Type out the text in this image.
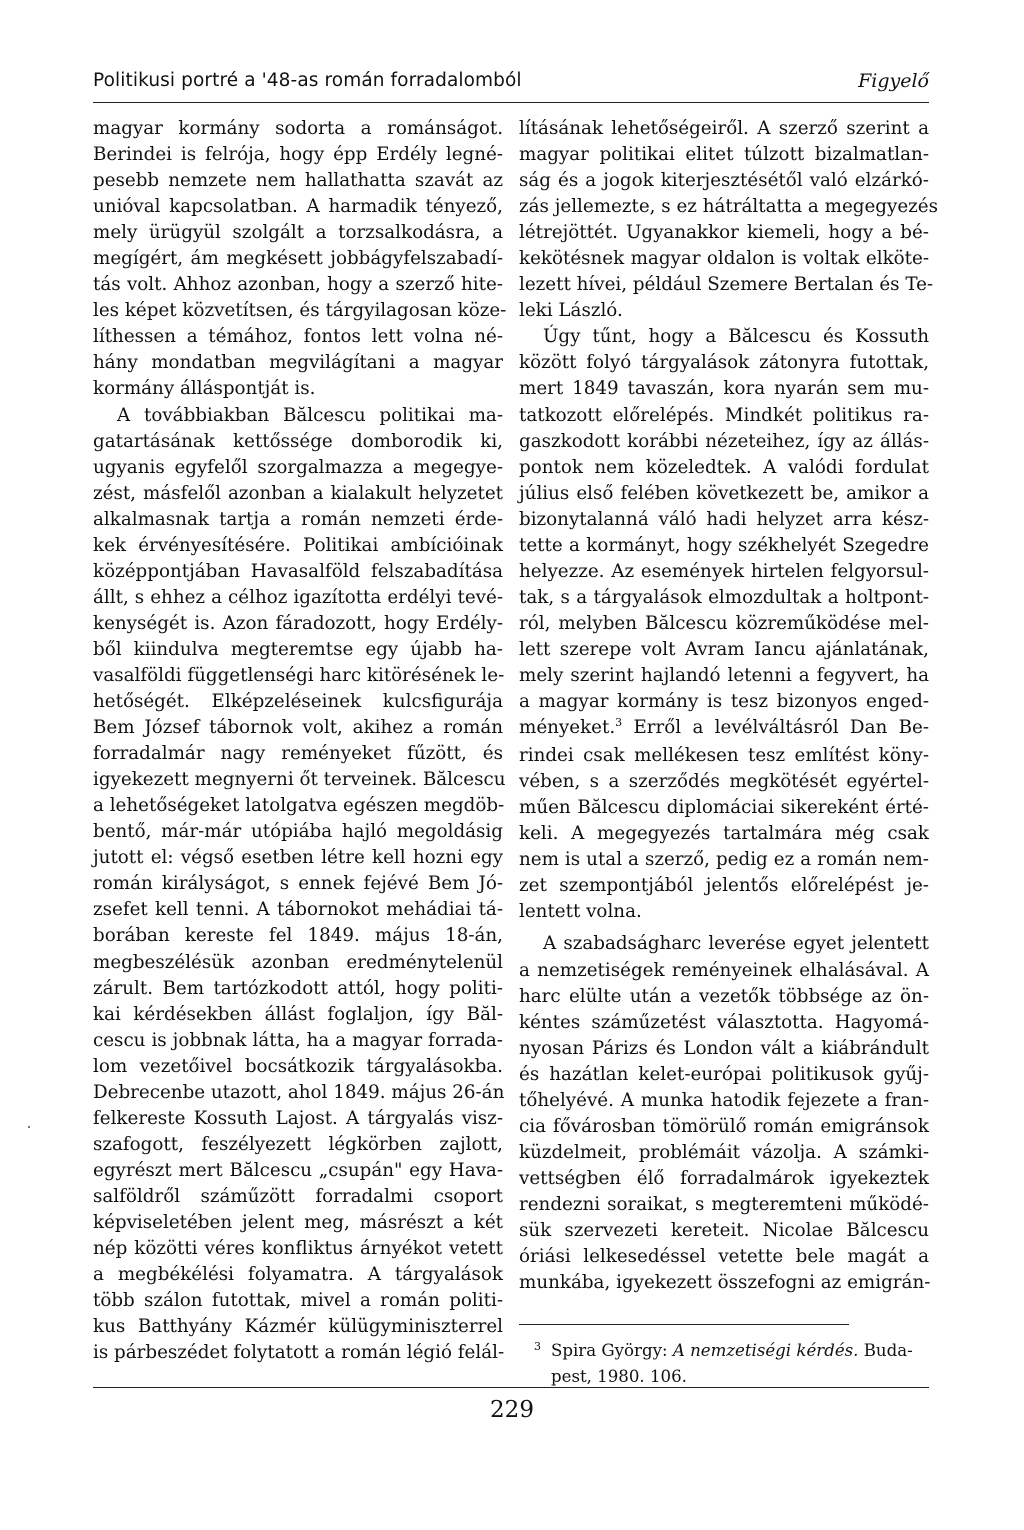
Politikusi portré a '48-as román forradalomból	Figyelő
magyar kormány sodorta a románságot.
Berindei is felrója, hogy épp Erdély legné-
pesebb nemzete nem hallathatta szavát az
unióval kapcsolatban. A harmadik tényező,
mely ürügyül szolgált a torzsalkodásra, a
megígért, ám megkésett jobbágyfelszabadí-
tás volt. Ahhoz azonban, hogy a szerző hite-
les képet közvetítsen, és tárgyilagosan köze-
líthessen a témához, fontos lett volna né-
hány mondatban megvilágítani a magyar
kormány álláspontját is.
A továbbiakban Bălcescu politikai ma-
gatartásának kettőssége domborodik ki,
ugyanis egyfelől szorgalmazza a megegye-
zést, másfelől azonban a kialakult helyzetet
alkalmasnak tartja a román nemzeti érde-
kek érvényesítésére. Politikai ambícióinak
középpontjában Havasalföld felszabadítása
állt, s ehhez a célhoz igazította erdélyi tevé-
kenységét is. Azon fáradozott, hogy Erdély-
ből kiindulva megteremtse egy újabb ha-
vasalföldi függetlenségi harc kitörésének le-
hetőségét. Elképzeléseinek kulcsfigurája
Bem József tábornok volt, akihez a román
forradalmár nagy reményeket fűzött, és
igyekezett megnyerni őt terveinek. Bălcescu
a lehetőségeket latolgatva egészen megdöb-
bentő, már-már utópiába hajló megoldásig
jutott el: végső esetben létre kell hozni egy
román királyságot, s ennek fejévé Bem Jó-
zsefet kell tenni. A tábornokot mehádiai tá-
borában kereste fel 1849. május 18-án,
megbeszélésük azonban eredménytelenül
zárult. Bem tartózkodott attól, hogy politi-
kai kérdésekben állást foglaljon, így Băl-
cescu is jobbnak látta, ha a magyar forrada-
lom vezetőivel bocsátkozik tárgyalásokba.
Debrecenbe utazott, ahol 1849. május 26-án
felkereste Kossuth Lajost. A tárgyalás visz-
szafogott, feszélyezett légkörben zajlott,
egyrészt mert Bălcescu „csupán" egy Hava-
salföldről száműzött forradalmi csoport
képviseletében jelent meg, másrészt a két
nép közötti véres konfliktus árnyékot vetett
a megbékélési folyamatra. A tárgyalások
több szálon futottak, mivel a román politi-
kus Batthyány Kázmér külügyminiszterrel
is párbeszédet folytatott a román légió felál-
lításának lehetőségeiről. A szerző szerint a
magyar politikai elitet túlzott bizalmatlan-
ság és a jogok kiterjesztésétől való elzárkó-
zás jellemezte, s ez hátráltatta a megegyezés
létrejöttét. Ugyanakkor kiemeli, hogy a bé-
kekötésnek magyar oldalon is voltak elköte-
lezett hívei, például Szemere Bertalan és Te-
leki László.
Úgy tűnt, hogy a Bălcescu és Kossuth
között folyó tárgyalások zátonyra futottak,
mert 1849 tavaszán, kora nyarán sem mu-
tatkozott előrelépés. Mindkét politikus ra-
gaszkodott korábbi nézeteihez, így az állás-
pontok nem közeledtek. A valódi fordulat
július első felében következett be, amikor a
bizonytalanná váló hadi helyzet arra kész-
tette a kormányt, hogy székhelyét Szegedre
helyezze. Az események hirtelen felgyorsul-
tak, s a tárgyalások elmozdultak a holtpont-
ról, melyben Bălcescu közreműködése mel-
lett szerepe volt Avram Iancu ajánlatának,
mely szerint hajlandó letenni a fegyvert, ha
a magyar kormány is tesz bizonyos enged-
ményeket.$^3$ Erről a levélváltásról Dan Be-
rindei csak mellékesen tesz említést köny-
vében, s a szerződés megkötését egyértel-
műen Bălcescu diplomáciai sikereként érté-
keli. A megegyezés tartalmára még csak
nem is utal a szerző, pedig ez a román nem-
zet szempontjából jelentős előrelépést je-
lentett volna.
A szabadságharc leverése egyet jelentett
a nemzetiségek reményeinek elhalásával. A
harc elülte után a vezetők többsége az ön-
kéntes száműzetést választotta. Hagyomá-
nyosan Párizs és London vált a kiábrándult
és hazátlan kelet-európai politikusok gyűj-
tőhelyévé. A munka hatodik fejezete a fran-
cia fővárosban tömörülő román emigránsok
küzdelmeit, problémáit vázolja. A számki-
vettségben élő forradalmárok igyekeztek
rendezni soraikat, s megteremteni működé-
sük szervezeti kereteit. Nicolae Bălcescu
óriási lelkesedéssel vetette bele magát a
munkába, igyekezett összefogni az emigrán-
3 Spira György: A nemzetiségi kérdés. Buda-
pest, 1980. 106.
229
